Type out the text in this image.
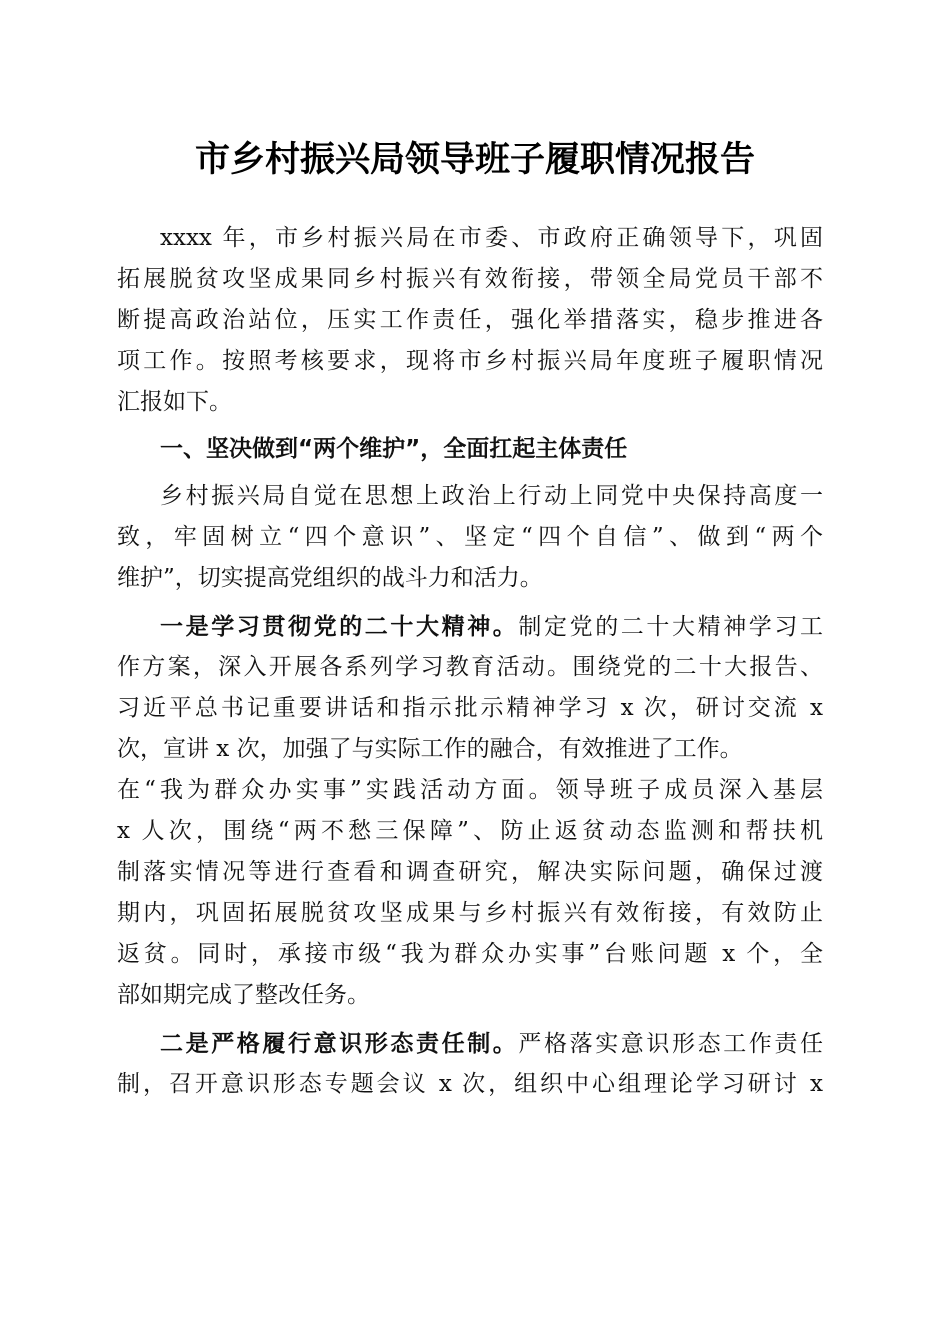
市乡村振兴局领导班子履职情况报告
xxxx 年，市乡村振兴局在市委、市政府正确领导下，巩固
拓展脱贫攻坚成果同乡村振兴有效衔接，带领全局党员干部不
断提高政治站位，压实工作责任，强化举措落实，稳步推进各
项工作。按照考核要求，现将市乡村振兴局年度班子履职情况
汇报如下。
一、坚决做到“两个维护”，全面扛起主体责任
乡村振兴局自觉在思想上政治上行动上同党中央保持高度一
致，牢固树立“四个意识”、坚定“四个自信”、做到“两个
维护”，切实提高党组织的战斗力和活力。
一是学习贯彻党的二十大精神。制定党的二十大精神学习工
作方案，深入开展各系列学习教育活动。围绕党的二十大报告、
习近平总书记重要讲话和指示批示精神学习 x 次，研讨交流 x
次，宣讲 x 次，加强了与实际工作的融合，有效推进了工作。
在“我为群众办实事”实践活动方面。领导班子成员深入基层
x 人次，围绕“两不愁三保障”、防止返贫动态监测和帮扶机
制落实情况等进行查看和调查研究，解决实际问题，确保过渡
期内，巩固拓展脱贫攻坚成果与乡村振兴有效衔接，有效防止
返贫。同时，承接市级“我为群众办实事”台账问题 x 个，全
部如期完成了整改任务。
二是严格履行意识形态责任制。严格落实意识形态工作责任
制，召开意识形态专题会议 x 次，组织中心组理论学习研讨 x
